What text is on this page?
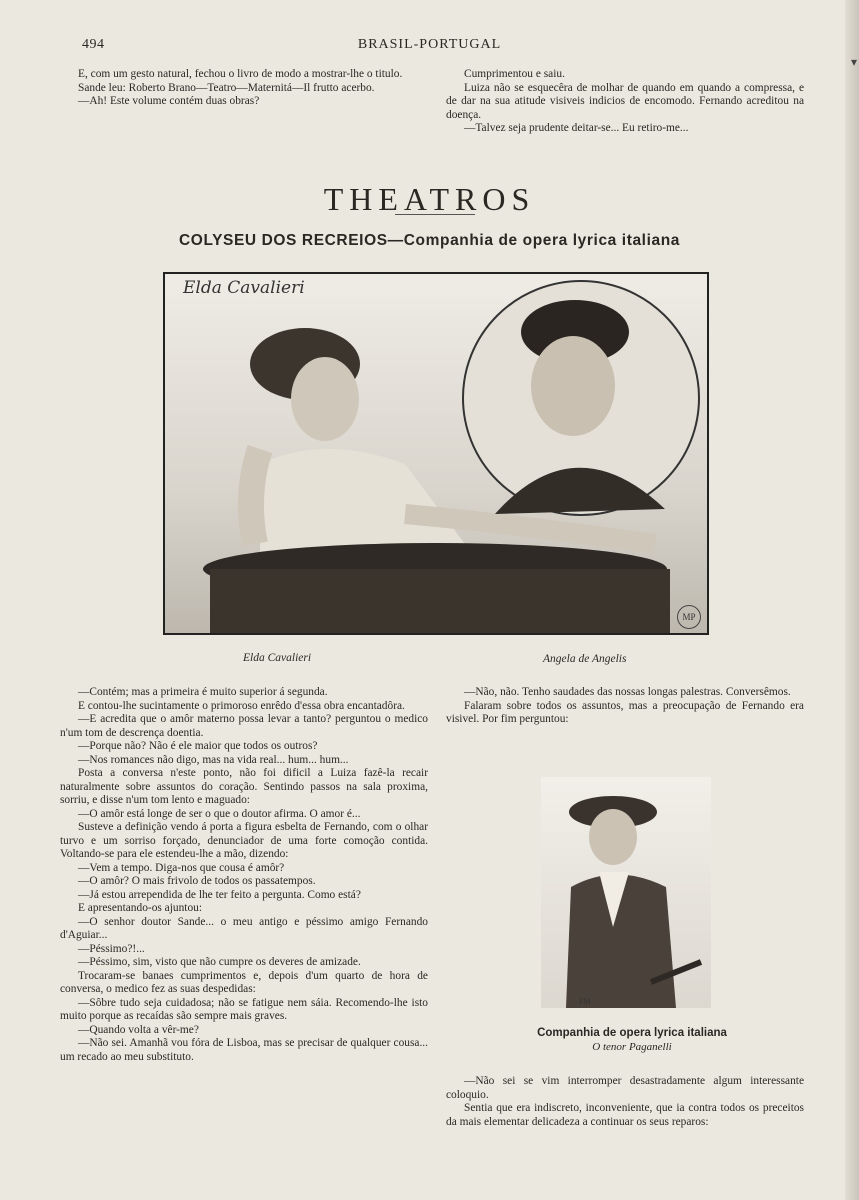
▾
494	BRASIL-PORTUGAL

E, com um gesto natural, fechou o livro de modo a mostrar-lhe o titulo.

Sande leu: Roberto Brano—Teatro—Maternitá—Il frutto acerbo.

—Ah! Este volume contém duas obras?

Cumprimentou e saiu.

Luiza não se esquecêra de molhar de quando em quando a compressa, e de dar na sua atitude visiveis indicios de encomodo. Fernando acreditou na doença.

—Talvez seja prudente deitar-se... Eu retiro-me...

THEATROS
COLYSEU DOS RECREIOS—Companhia de opera lyrica italiana
Elda Cavalieri
MP
Elda Cavalieri	Angela de Angelis

—Contém; mas a primeira é muito superior á segunda.

E contou-lhe sucintamente o primoroso enrêdo d'essa obra encantadôra.

—E acredita que o amôr materno possa levar a tanto? perguntou o medico n'um tom de descrença doentia.

—Porque não? Não é ele maior que todos os outros?

—Nos romances não digo, mas na vida real... hum... hum...

Posta a conversa n'este ponto, não foi dificil a Luiza fazê-la recair naturalmente sobre assuntos do coração. Sentindo passos na sala proxima, sorriu, e disse n'um tom lento e maguado:

—O amôr está longe de ser o que o doutor afirma. O amor é...

Susteve a definição vendo á porta a figura esbelta de Fernando, com o olhar turvo e um sorriso forçado, denunciador de uma forte comoção contida. Voltando-se para ele estendeu-lhe a mão, dizendo:

—Vem a tempo. Diga-nos que cousa é amôr?

—O amôr? O mais frivolo de todos os passatempos.

—Já estou arrependida de lhe ter feito a pergunta. Como está?

E apresentando-os ajuntou:

—O senhor doutor Sande... o meu antigo e péssimo amigo Fernando d'Aguiar...

—Péssimo?!...

—Péssimo, sim, visto que não cumpre os deveres de amizade.

Trocaram-se banaes cumprimentos e, depois d'um quarto de hora de conversa, o medico fez as suas despedidas:

—Sôbre tudo seja cuidadosa; não se fatigue nem sáia. Recomendo-lhe isto muito porque as recaídas são sempre mais graves.

—Quando volta a vêr-me?

—Não sei. Amanhã vou fóra de Lisboa, mas se precisar de qualquer cousa... um recado ao meu substituto.

—Não, não. Tenho saudades das nossas longas palestras. Conversêmos.

Falaram sobre todos os assuntos, mas a preocupação de Fernando era visivel. Por fim perguntou:

FM
Companhia de opera lyrica italiana
O tenor Paganelli

—Não sei se vim interromper desastradamente algum interessante coloquio.

Sentia que era indiscreto, inconveniente, que ia contra todos os preceitos da mais elementar delicadeza a continuar os seus reparos:
